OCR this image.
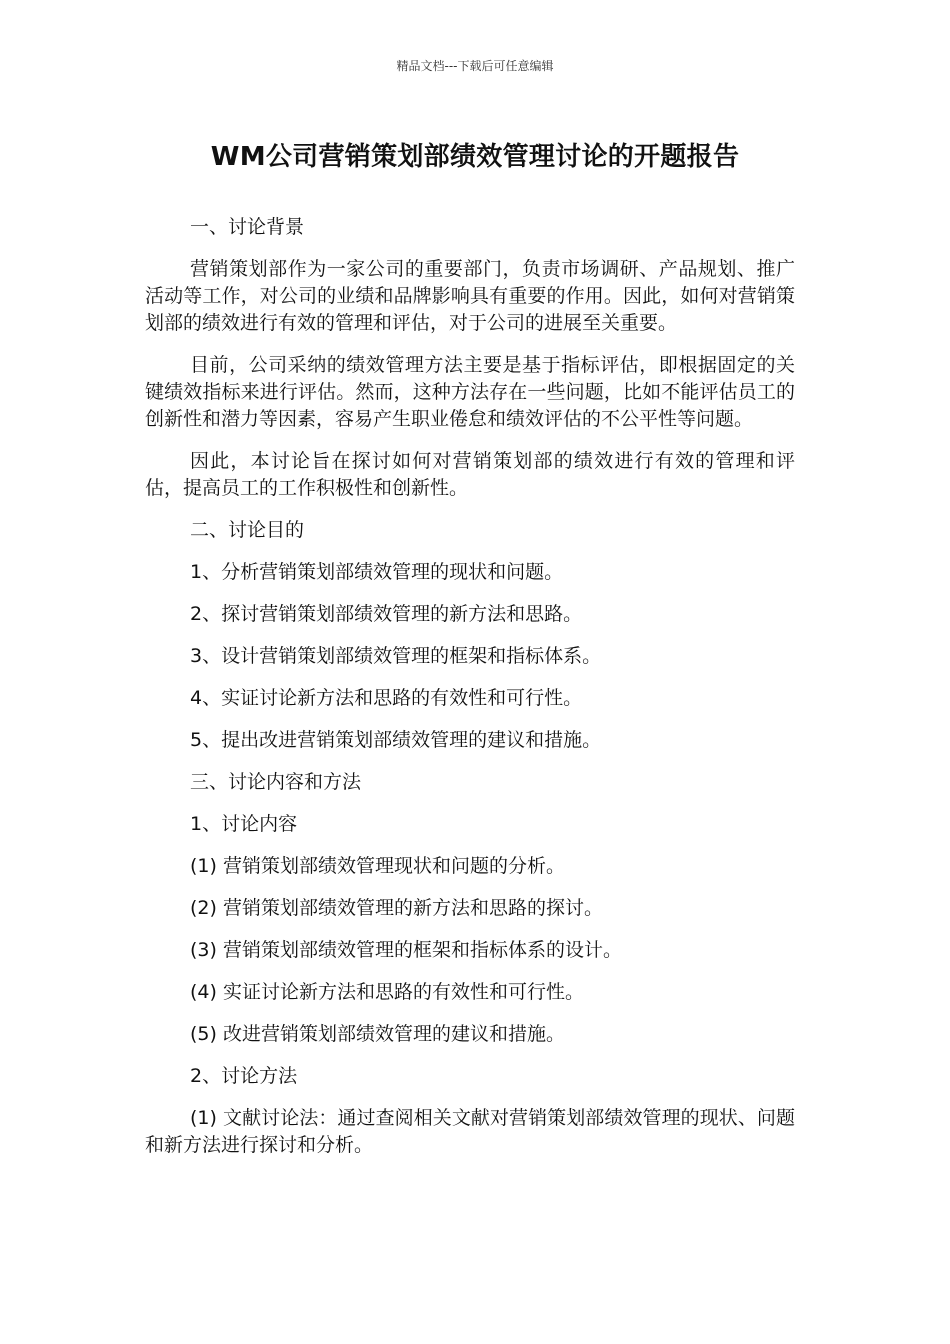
精品文档---下载后可任意编辑
WM公司营销策划部绩效管理讨论的开题报告

一、讨论背景

营销策划部作为一家公司的重要部门，负责市场调研、产品规划、推广活动等工作，对公司的业绩和品牌影响具有重要的作用。因此，如何对营销策划部的绩效进行有效的管理和评估，对于公司的进展至关重要。

目前，公司采纳的绩效管理方法主要是基于指标评估，即根据固定的关键绩效指标来进行评估。然而，这种方法存在一些问题，比如不能评估员工的创新性和潜力等因素，容易产生职业倦怠和绩效评估的不公平性等问题。

因此，本讨论旨在探讨如何对营销策划部的绩效进行有效的管理和评估，提高员工的工作积极性和创新性。

二、讨论目的

1、分析营销策划部绩效管理的现状和问题。

2、探讨营销策划部绩效管理的新方法和思路。

3、设计营销策划部绩效管理的框架和指标体系。

4、实证讨论新方法和思路的有效性和可行性。

5、提出改进营销策划部绩效管理的建议和措施。

三、讨论内容和方法

1、讨论内容

(1) 营销策划部绩效管理现状和问题的分析。

(2) 营销策划部绩效管理的新方法和思路的探讨。

(3) 营销策划部绩效管理的框架和指标体系的设计。

(4) 实证讨论新方法和思路的有效性和可行性。

(5) 改进营销策划部绩效管理的建议和措施。

2、讨论方法

(1) 文献讨论法：通过查阅相关文献对营销策划部绩效管理的现状、问题和新方法进行探讨和分析。
